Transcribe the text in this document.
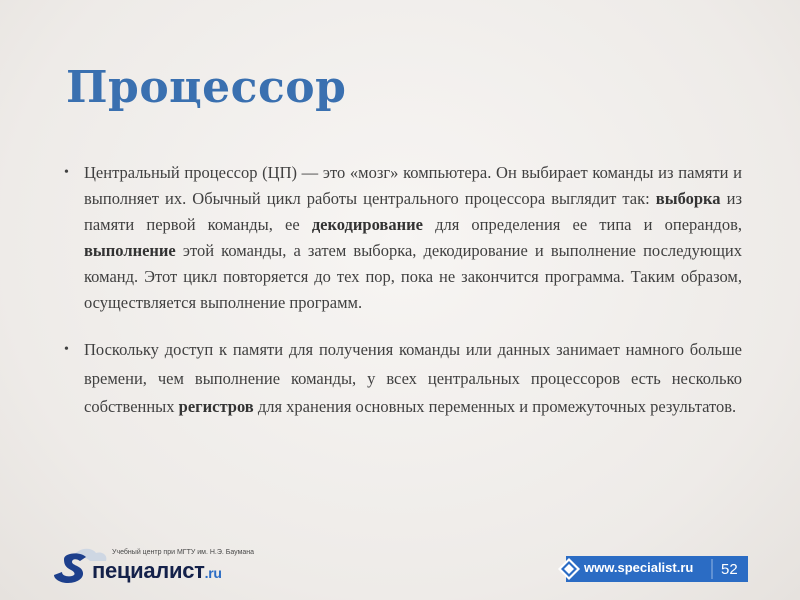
Процессор
• Центральный процессор (ЦП) — это «мозг» компьютера. Он выбирает команды из памяти и выполняет их. Обычный цикл работы центрального процессора выглядит так: выборка из памяти первой команды, ее декодирование для определения ее типа и операндов, выполнение этой команды, а затем выборка, декодирование и выполнение последующих команд. Этот цикл повторяется до тех пор, пока не закончится программа. Таким образом, осуществляется выполнение программ.
• Поскольку доступ к памяти для получения команды или данных занимает намного больше времени, чем выполнение команды, у всех центральных процессоров есть несколько собственных регистров для хранения основных переменных и промежуточных результатов.
Учебный центр при МГТУ им. Н.Э. Баумана
пециалист.ru	www.specialist.ru 52
